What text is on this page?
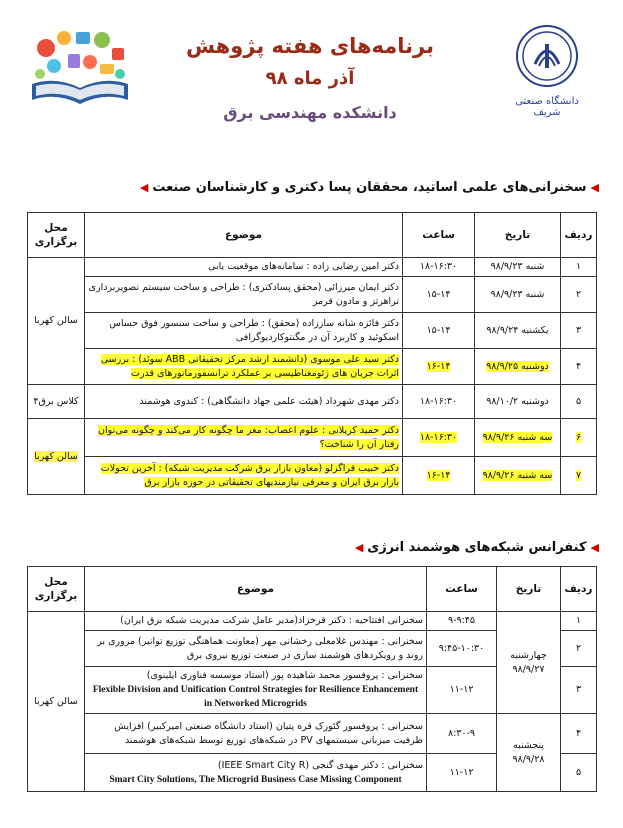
برنامه‌های هفته پژوهش
آذر ماه ۹۸
دانشکده مهندسی برق
دانشگاه صنعتی شریف
◀
سخنرانی‌های علمی اساتید، محققان پسا دکتری و کارشناسان صنعت
◀
ردیف	تاریخ	ساعت	موضوع	محل برگزاری
۱	شنبه ۹۸/۹/۲۳	۱۸-۱۶:۳۰	دکتر امین رضایی زاده : سامانه‌های موقعیت یابی	سالن کهربا
۲	شنبه ۹۸/۹/۲۳	۱۵-۱۴	دکتر ایمان میرزائی (محقق پسادکتری) : طراحی و ساخت سیستم تصویربرداری تراهرتز و مادون قرمز	
۳	یکشنبه ۹۸/۹/۲۴	۱۵-۱۴	دکتر فائزه شانه ساززاده (محقق) : طراحی و ساخت سنسور فوق حساس اسکوئید و کاربرد آن در مگنتوکاردیوگرافی	
۴	دوشنبه ۹۸/۹/۲۵	۱۶-۱۴	دکتر سید علی موسوی (دانشمند ارشد مرکز تحقیقاتی ABB سوئد) : بررسی اثرات جریان های ژئومغناطیسی بر عملکرد ترانسفورماتورهای قدرت	
۵	دوشنبه ۹۸/۱۰/۲	۱۸-۱۶:۳۰	دکتر مهدی شهرداد (هیئت علمی جهاد دانشگاهی) : کندوی هوشمند	کلاس برق۴
۶	سه شنبه ۹۸/۹/۲۶	۱۸-۱۶:۳۰	دکتر حمید کریلانی : علوم اعصاب: مغز ما چگونه کار می‌کند و چگونه می‌توان رفتار آن را شناخت؟	سالن کهربا
۷	سه شنبه ۹۸/۹/۲۶	۱۶-۱۴	دکتر حبیب قراگزلو (معاون بازار برق شرکت مدیریت شبکه) : آخرین تحولات بازار برق ایران و معرفی نیازمندیهای تحقیقاتی در حوزه بازار برق	
◀
کنفرانس شبکه‌های هوشمند انرژی
◀
ردیف	تاریخ	ساعت	موضوع	محل برگزاری
۱	چهارشنبه ۹۸/۹/۲۷	۹-۹:۴۵	سخنرانی افتتاحیه : دکتر قرخزاد(مدیر عامل شرکت مدیریت شبکه برق ایران)	سالن کهربا
۲		۹:۴۵-۱۰:۳۰	سخنرانی : مهندس غلامعلی رخشانی مهر (معاونت هماهنگی توزیع توانیر) مروری بر روند و رویکردهای هوشمند سازی در صنعت توزیع نیروی برق	
۳		۱۱-۱۲	سخنرانی : پروفسور محمد شاهیده پور (استاد موسسه فناوری ایلینوی)
Flexible Division and Unification Control Strategies for Resilience Enhancement in Networked Microgrids	

۴	پنجشنبه ۹۸/۹/۲۸	۸:۳۰-۹	سخنرانی : پروفسور گئورک قره پتیان (استاد دانشگاه صنعتی امیرکبیر) افزایش ظرفیت میزبانی سیستمهای PV در شبکه‌های توزیع توسط شبکه‌های هوشمند	
۵		۱۱-۱۲	سخنرانی : دکتر مهدی گنجی (IEEE Smart City R)
Smart City Solutions, The Microgrid Business Case Missing Component	
